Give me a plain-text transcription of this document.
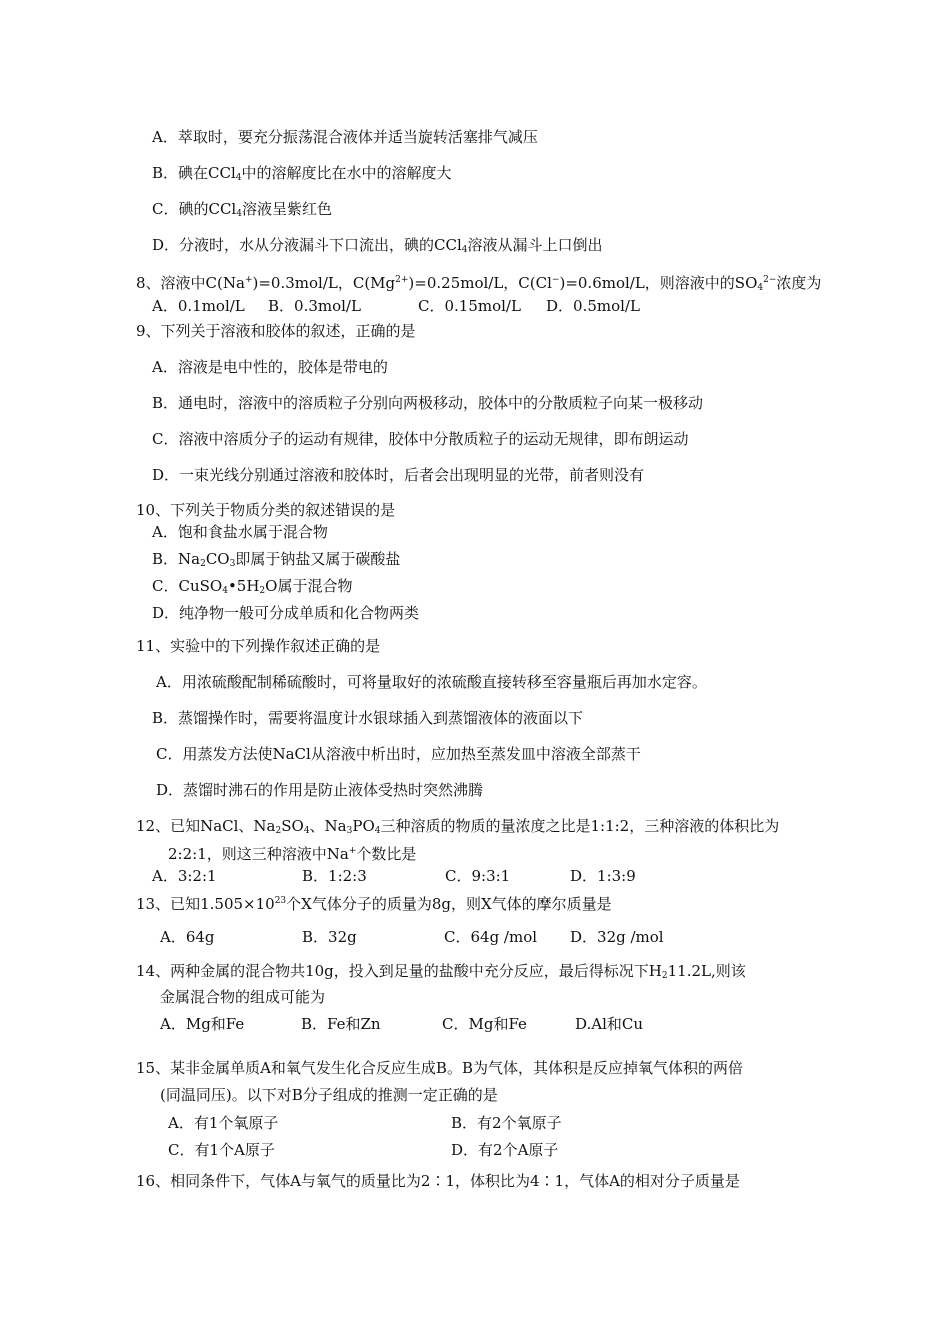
A．萃取时，要充分振荡混合液体并适当旋转活塞排气减压
B．碘在CCl$_4$中的溶解度比在水中的溶解度大
C．碘的CCl$_4$溶液呈紫红色
D．分液时，水从分液漏斗下口流出，碘的CCl$_4$溶液从漏斗上口倒出
8、溶液中C(Na+)=0.3mol/L，$C(Mg^{2+})=0.25mol/L$，C(Cl−)=0.6mol/L，则溶液中的$SO_4^{2-}$浓度为
A．0.1mol/L B．0.3mol/L	C．0.15mol/L D．0.5mol/L
9、下列关于溶液和胶体的叙述，正确的是
A．溶液是电中性的，胶体是带电的
B．通电时，溶液中的溶质粒子分别向两极移动，胶体中的分散质粒子向某一极移动
C．溶液中溶质分子的运动有规律，胶体中分散质粒子的运动无规律，即布朗运动
D．一束光线分别通过溶液和胶体时，后者会出现明显的光带，前者则没有
10、下列关于物质分类的叙述错误的是
A．饱和食盐水属于混合物
B．$Na_2CO_3$即属于钠盐又属于碳酸盐
C．$CuSO_4•5H_2O$属于混合物
D．纯净物一般可分成单质和化合物两类
11、实验中的下列操作叙述正确的是
A．用浓硫酸配制稀硫酸时，可将量取好的浓硫酸直接转移至容量瓶后再加水定容。
B．蒸馏操作时，需要将温度计水银球插入到蒸馏液体的液面以下
C．用蒸发方法使NaCl从溶液中析出时，应加热至蒸发皿中溶液全部蒸干
D．蒸馏时沸石的作用是防止液体受热时突然沸腾
12、已知NaCl、$Na_2SO_4$、$Na_3PO_4$三种溶质的物质的量浓度之比是1:1:2，三种溶液的体积比为
2:2:1，则这三种溶液中Na+个数比是
A．3:2:1	B．1:2:3	C．9:3:1	D．1:3:9
13、已知$1.505\times 10^{23}$个X气体分子的质量为8g，则X气体的摩尔质量是
A．64g	B．32g	C．64g /mol D．32g /mol
14、两种金属的混合物共10g，投入到足量的盐酸中充分反应，最后得标况下$H_211.2L$,则该
金属混合物的组成可能为
A．Mg和Fe	B．Fe和Zn	C．Mg和Fe	D.Al和Cu
15、某非金属单质A和氧气发生化合反应生成B。B为气体，其体积是反应掉氧气体积的两倍
(同温同压)。以下对B分子组成的推测一定正确的是
A．有1个氧原子	B．有2个氧原子
C．有1个A原子	D．有2个A原子
16、相同条件下，气体A与氧气的质量比为2∶1，体积比为4∶1，气体A的相对分子质量是
